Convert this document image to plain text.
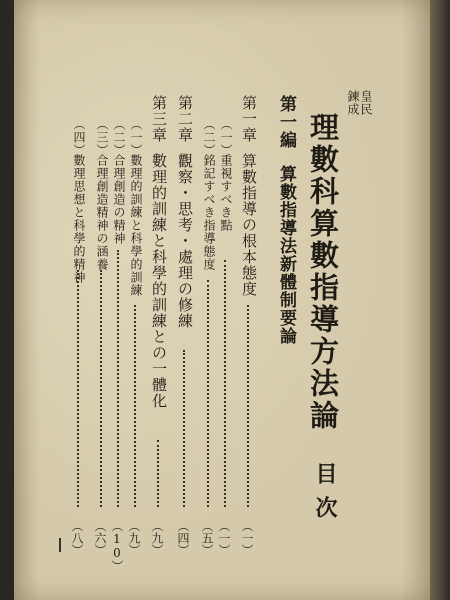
皇民
鍊成
理數科算數指導方法論
目次
第一編
算數指導法新體制要論
第一章
算數指導の根本態度
（一）
（一）
重視すべき點
（一）
（二）
銘記すべき指導態度
（五）
第二章
觀察・思考・處理の修練
（四）
第三章
數理的訓練と科學的訓練との一體化
（九）
（一）
數理的訓練と科學的訓練
（九）
（二）
合理創造の精神
（10）
（三）
合理創造精神の涵養
（六）
（四）
數理思想と科學的精神
（八）
